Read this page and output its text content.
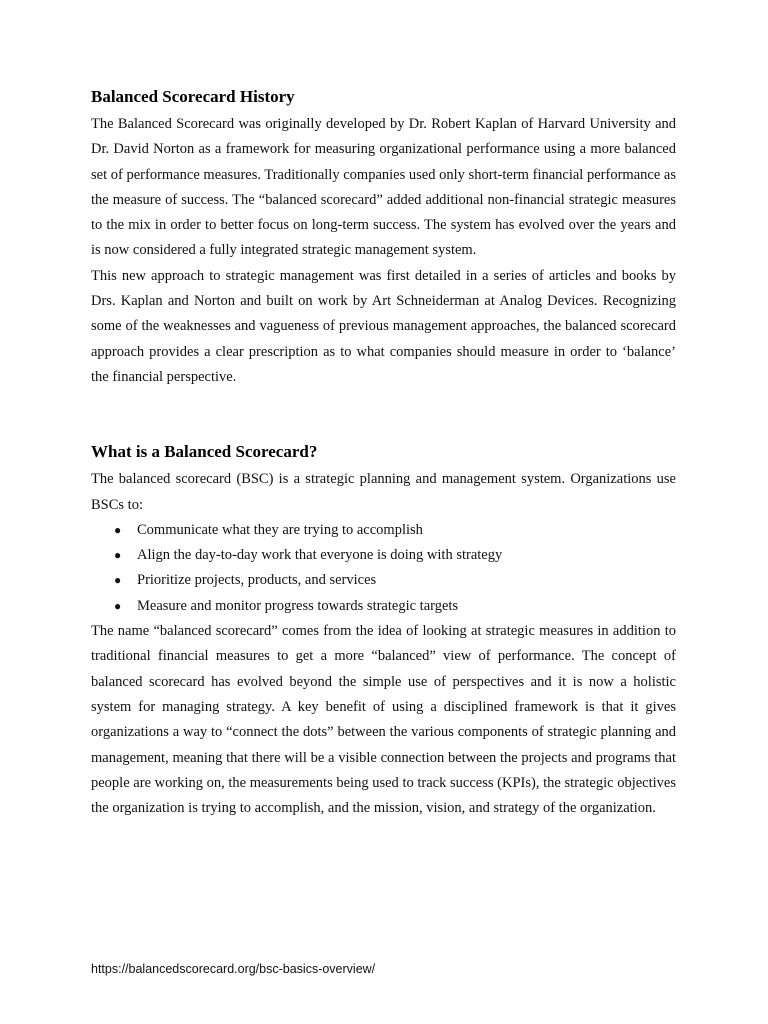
Balanced Scorecard History

The Balanced Scorecard was originally developed by Dr. Robert Kaplan of Harvard University and Dr. David Norton as a framework for measuring organizational performance using a more balanced set of performance measures. Traditionally companies used only short-term financial performance as the measure of success. The “balanced scorecard” added additional non-financial strategic measures to the mix in order to better focus on long-term success. The system has evolved over the years and is now considered a fully integrated strategic management system.

This new approach to strategic management was first detailed in a series of articles and books by Drs. Kaplan and Norton and built on work by Art Schneiderman at Analog Devices. Recognizing some of the weaknesses and vagueness of previous management approaches, the balanced scorecard approach provides a clear prescription as to what companies should measure in order to ‘balance’ the financial perspective.

What is a Balanced Scorecard?

The balanced scorecard (BSC) is a strategic planning and management system. Organizations use BSCs to:

● Communicate what they are trying to accomplish
● Align the day-to-day work that everyone is doing with strategy
● Prioritize projects, products, and services
● Measure and monitor progress towards strategic targets

The name “balanced scorecard” comes from the idea of looking at strategic measures in addition to traditional financial measures to get a more “balanced” view of performance. The concept of balanced scorecard has evolved beyond the simple use of perspectives and it is now a holistic system for managing strategy. A key benefit of using a disciplined framework is that it gives organizations a way to “connect the dots” between the various components of strategic planning and management, meaning that there will be a visible connection between the projects and programs that people are working on, the measurements being used to track success (KPIs), the strategic objectives the organization is trying to accomplish, and the mission, vision, and strategy of the organization.

https://balancedscorecard.org/bsc-basics-overview/
